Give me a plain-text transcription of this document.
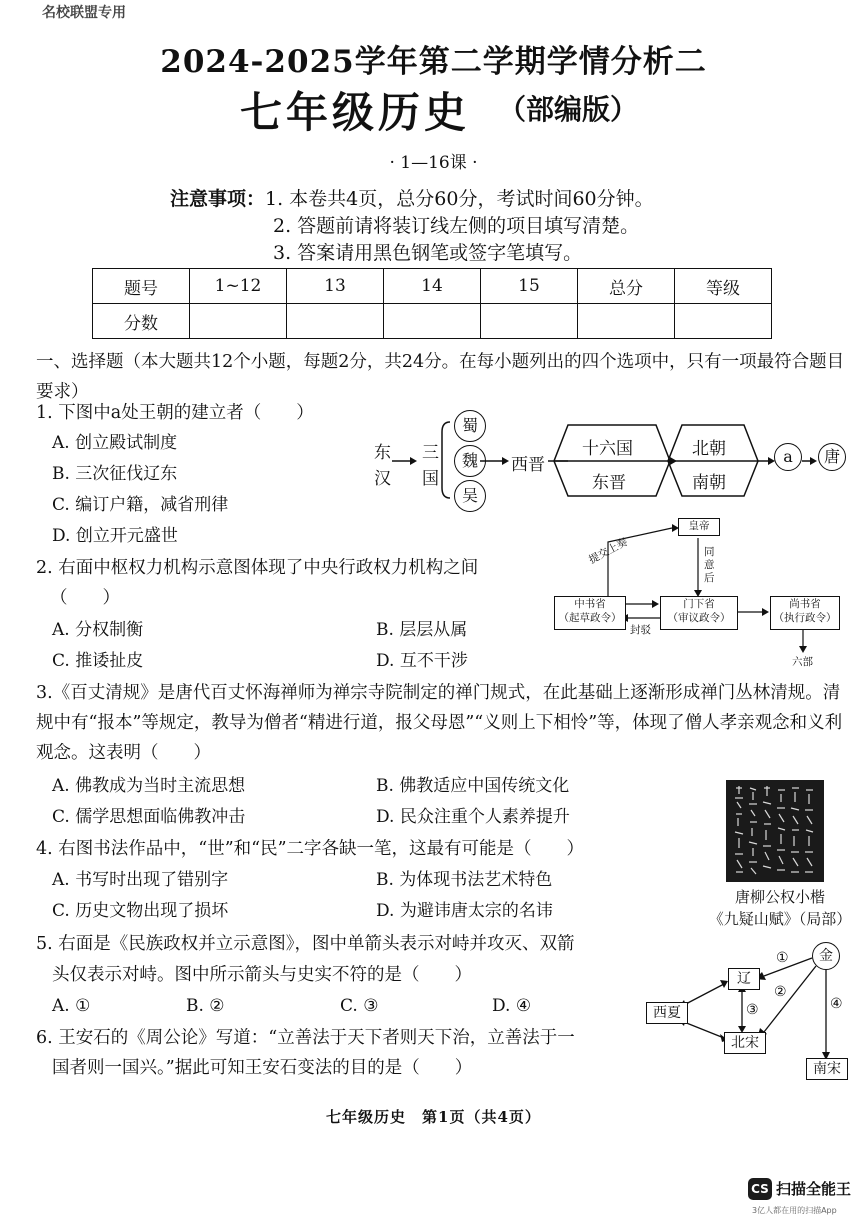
名校联盟专用
2024-2025学年第二学期学情分析二
七年级历史 （部编版）
· 1—16课 ·
注意事项：1. 本卷共4页，总分60分，考试时间60分钟。
2. 答题前请将装订线左侧的项目填写清楚。
3. 答案请用黑色钢笔或签字笔填写。
题号	1~12	13	14	15	总分	等级
分数						
一、选择题（本大题共12个小题，每题2分，共24分。在每小题列出的四个选项中，只有一项最符合题目要求）
1. 下图中a处王朝的建立者（　　）
A. 创立殿试制度
B. 三次征伐辽东
C. 编订户籍，减省刑律
D. 创立开元盛世
东
汉
三
国
蜀
魏
吴
西晋
十六国
东晋
北朝
南朝
a	唐
2. 右面中枢权力机构示意图体现了中央行政权力机构之间
（　　）
A. 分权制衡	B. 层层从属
C. 推诿扯皮	D. 互不干涉
皇帝
中书省
（起草政令）
门下省
（审议政令）
尚书省
（执行政令）
提交上奏	同意后
封驳
六部
3.《百丈清规》是唐代百丈怀海禅师为禅宗寺院制定的禅门规式，在此基础上逐渐形成禅门丛林清规。清规中有“报本”等规定，教导为僧者“精进行道，报父母恩”“义则上下相怜”等，体现了僧人孝亲观念和义利观念。这表明（　　）
A. 佛教成为当时主流思想	B. 佛教适应中国传统文化
C. 儒学思想面临佛教冲击	D. 民众注重个人素养提升
唐柳公权小楷
《九疑山赋》（局部）
4. 右图书法作品中，“世”和“民”二字各缺一笔，这最有可能是（　　）
A. 书写时出现了错别字	B. 为体现书法艺术特色
C. 历史文物出现了损坏	D. 为避讳唐太宗的名讳
5. 右面是《民族政权并立示意图》，图中单箭头表示对峙并攻灭、双箭
头仅表示对峙。图中所示箭头与史实不符的是（　　）
A. ①	B. ②	C. ③	D. ④
金
辽
西夏
北宋
南宋
①
②
③	④
6. 王安石的《周公论》写道：“立善法于天下者则天下治，立善法于一
国者则一国兴。”据此可知王安石变法的目的是（　　）
七年级历史　第1页（共4页）
CS 扫描全能王
3亿人都在用的扫描App
